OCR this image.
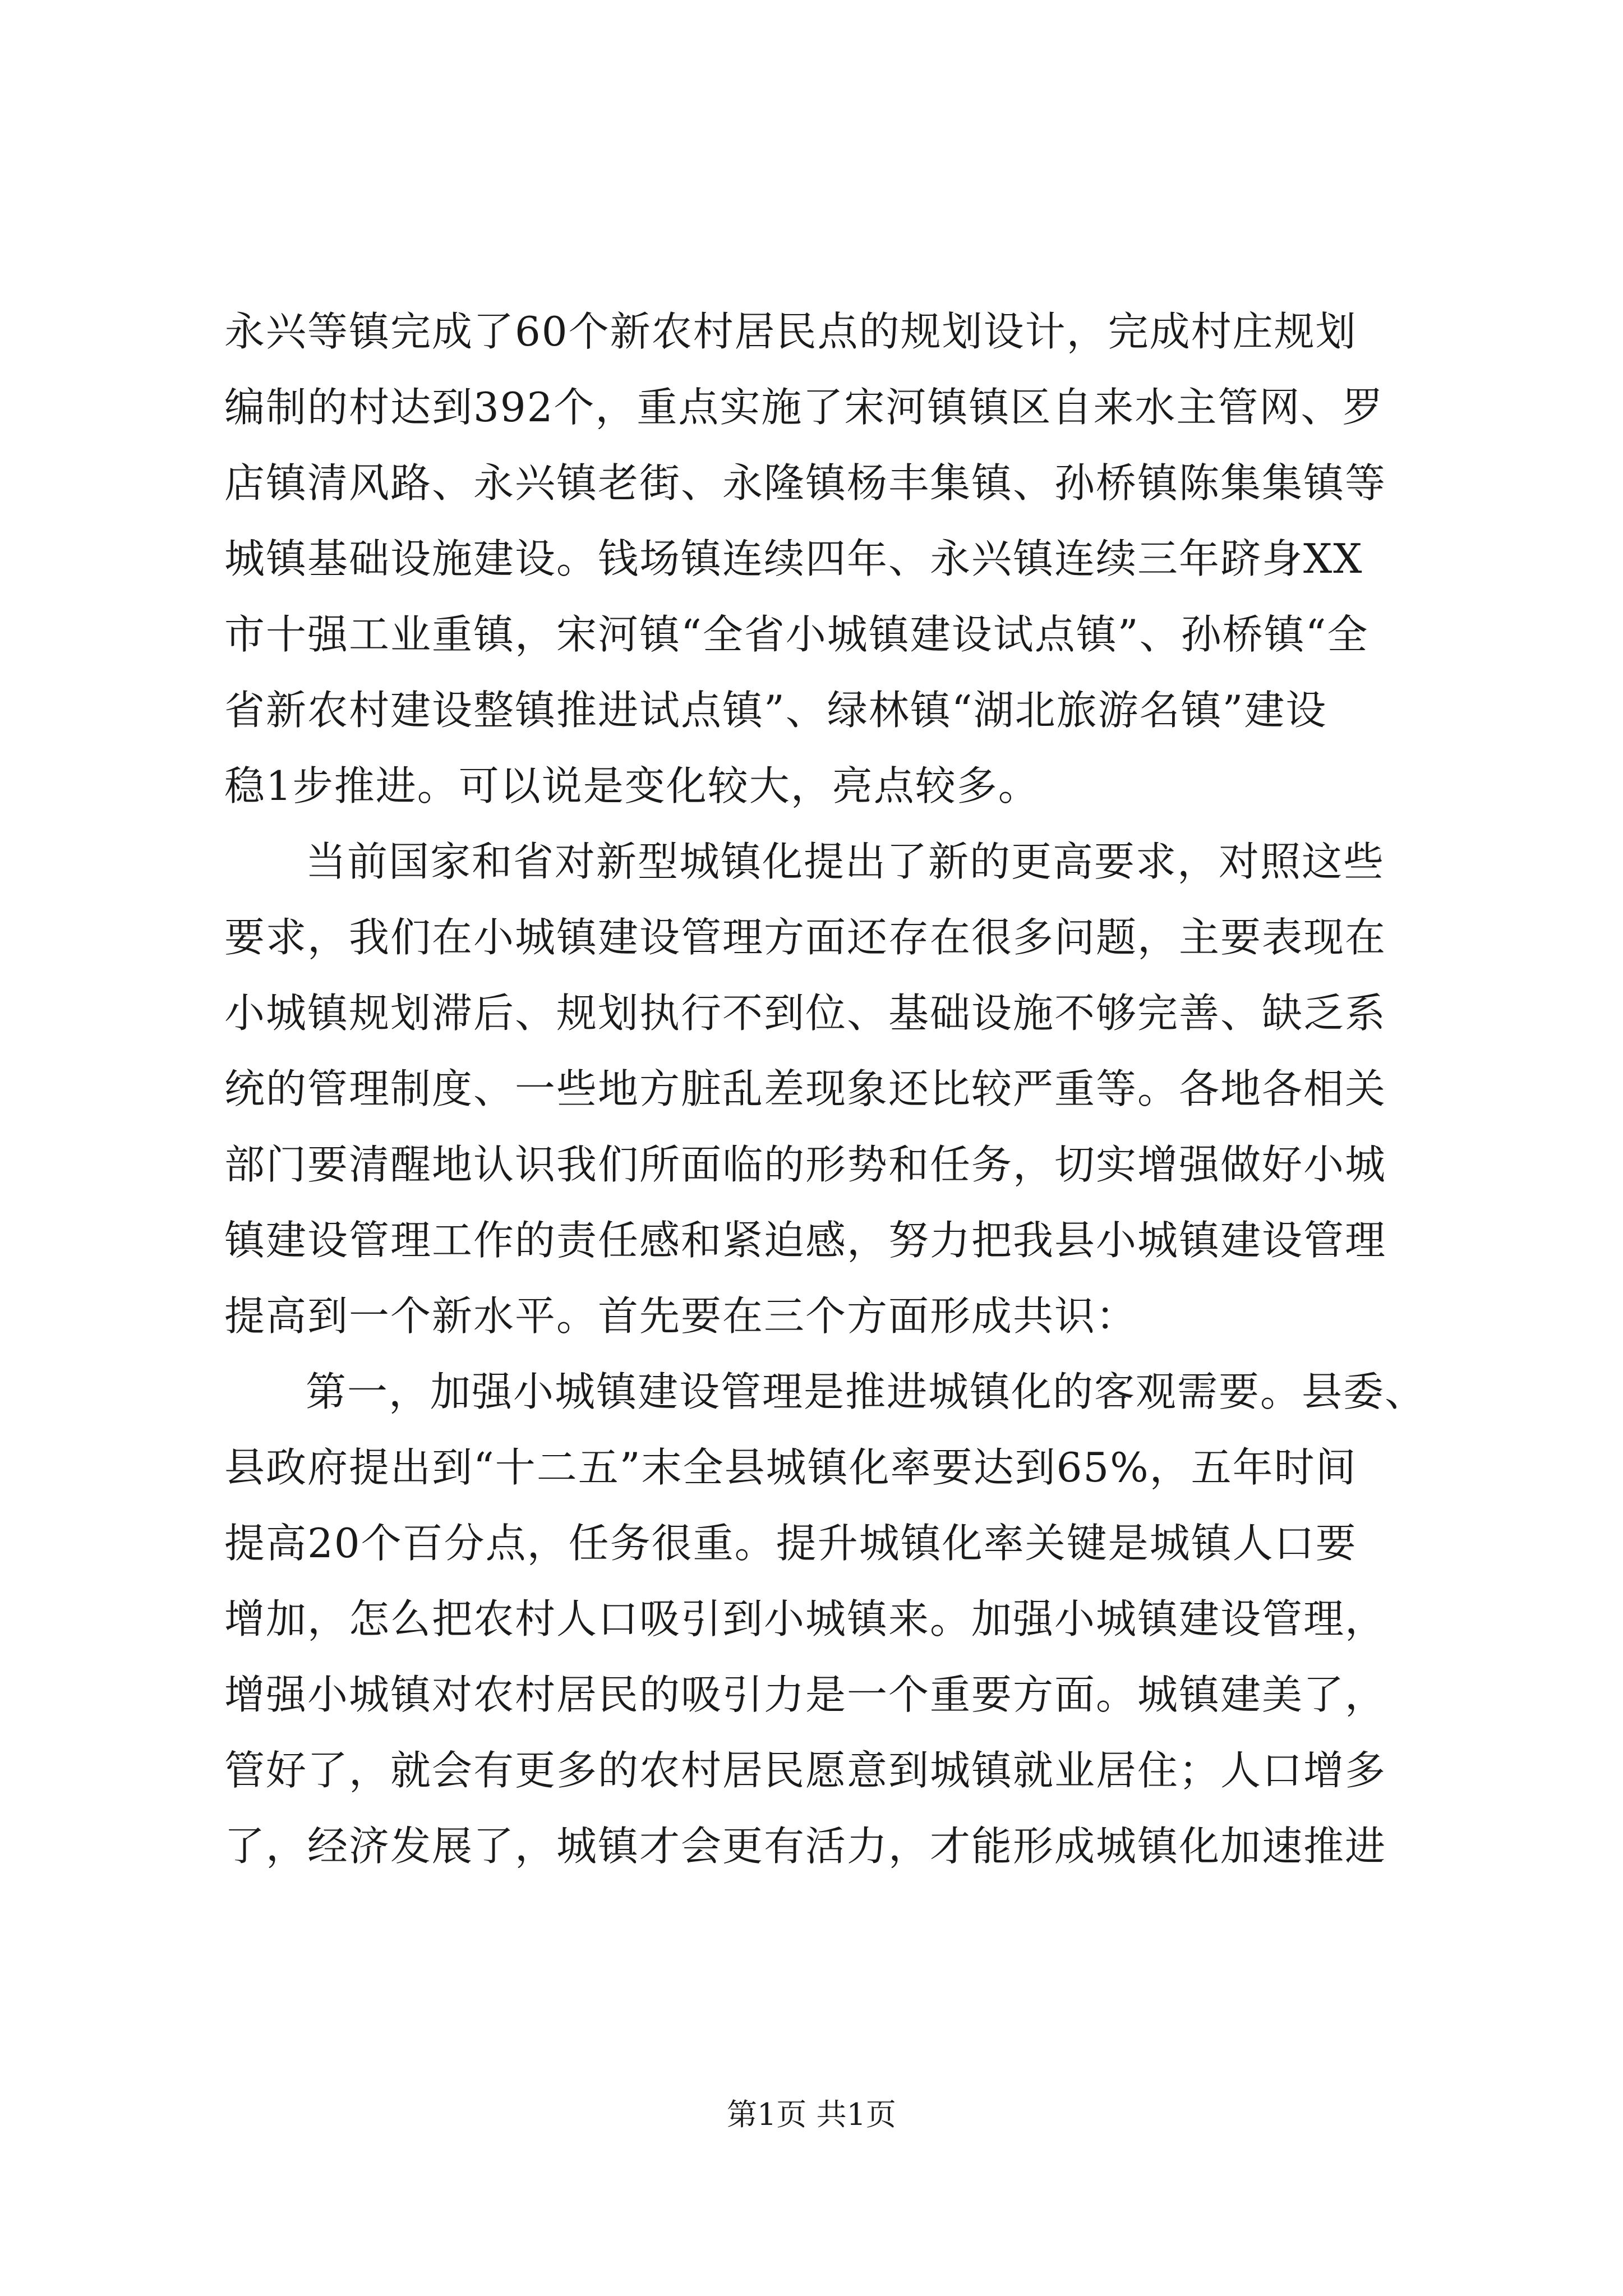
永兴等镇完成了60个新农村居民点的规划设计，完成村庄规划
编制的村达到392个，重点实施了宋河镇镇区自来水主管网、罗
店镇清风路、永兴镇老街、永隆镇杨丰集镇、孙桥镇陈集集镇等
城镇基础设施建设。钱场镇连续四年、永兴镇连续三年跻身XX
市十强工业重镇，宋河镇“全省小城镇建设试点镇”、孙桥镇“全
省新农村建设整镇推进试点镇”、绿林镇“湖北旅游名镇”建设
稳1步推进。可以说是变化较大，亮点较多。
当前国家和省对新型城镇化提出了新的更高要求，对照这些
要求，我们在小城镇建设管理方面还存在很多问题，主要表现在
小城镇规划滞后、规划执行不到位、基础设施不够完善、缺乏系
统的管理制度、一些地方脏乱差现象还比较严重等。各地各相关
部门要清醒地认识我们所面临的形势和任务，切实增强做好小城
镇建设管理工作的责任感和紧迫感，努力把我县小城镇建设管理
提高到一个新水平。首先要在三个方面形成共识：
第一，加强小城镇建设管理是推进城镇化的客观需要。县委、
县政府提出到“十二五”末全县城镇化率要达到65%，五年时间
提高20个百分点，任务很重。提升城镇化率关键是城镇人口要
增加，怎么把农村人口吸引到小城镇来。加强小城镇建设管理，
增强小城镇对农村居民的吸引力是一个重要方面。城镇建美了，
管好了，就会有更多的农村居民愿意到城镇就业居住；人口增多
了，经济发展了，城镇才会更有活力，才能形成城镇化加速推进
第1页 共1页
